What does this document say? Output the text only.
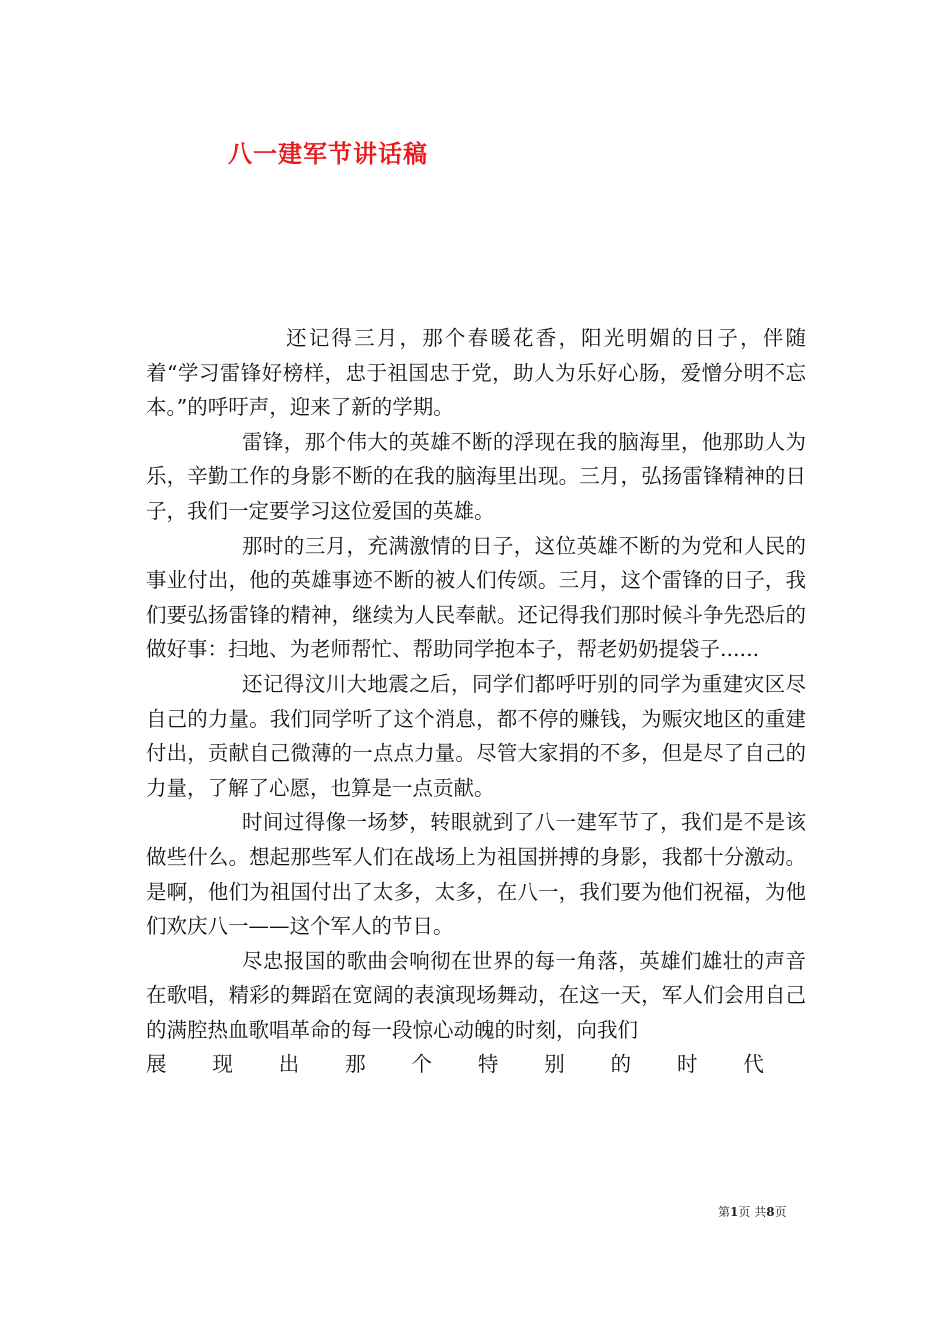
八一建军节讲话稿

还记得三月，那个春暖花香，阳光明媚的日子，伴随着“学习雷锋好榜样，忠于祖国忠于党，助人为乐好心肠，爱憎分明不忘本。”的呼吁声，迎来了新的学期。

雷锋，那个伟大的英雄不断的浮现在我的脑海里，他那助人为乐，辛勤工作的身影不断的在我的脑海里出现。三月，弘扬雷锋精神的日子，我们一定要学习这位爱国的英雄。

那时的三月，充满激情的日子，这位英雄不断的为党和人民的事业付出，他的英雄事迹不断的被人们传颂。三月，这个雷锋的日子，我们要弘扬雷锋的精神，继续为人民奉献。还记得我们那时候斗争先恐后的做好事：扫地、为老师帮忙、帮助同学抱本子，帮老奶奶提袋子......

还记得汶川大地震之后，同学们都呼吁别的同学为重建灾区尽自己的力量。我们同学听了这个消息，都不停的赚钱，为赈灾地区的重建付出，贡献自己微薄的一点点力量。尽管大家捐的不多，但是尽了自己的力量，了解了心愿，也算是一点贡献。

时间过得像一场梦，转眼就到了八一建军节了，我们是不是该做些什么。想起那些军人们在战场上为祖国拼搏的身影，我都十分激动。是啊，他们为祖国付出了太多，太多，在八一，我们要为他们祝福，为他们欢庆八一——这个军人的节日。

尽忠报国的歌曲会响彻在世界的每一角落，英雄们雄壮的声音在歌唱，精彩的舞蹈在宽阔的表演现场舞动，在这一天，军人们会用自己的满腔热血歌唱革命的每一段惊心动魄的时刻，向我们

展 现 出 那 个 特 别 的 时 代
第1页 共8页
